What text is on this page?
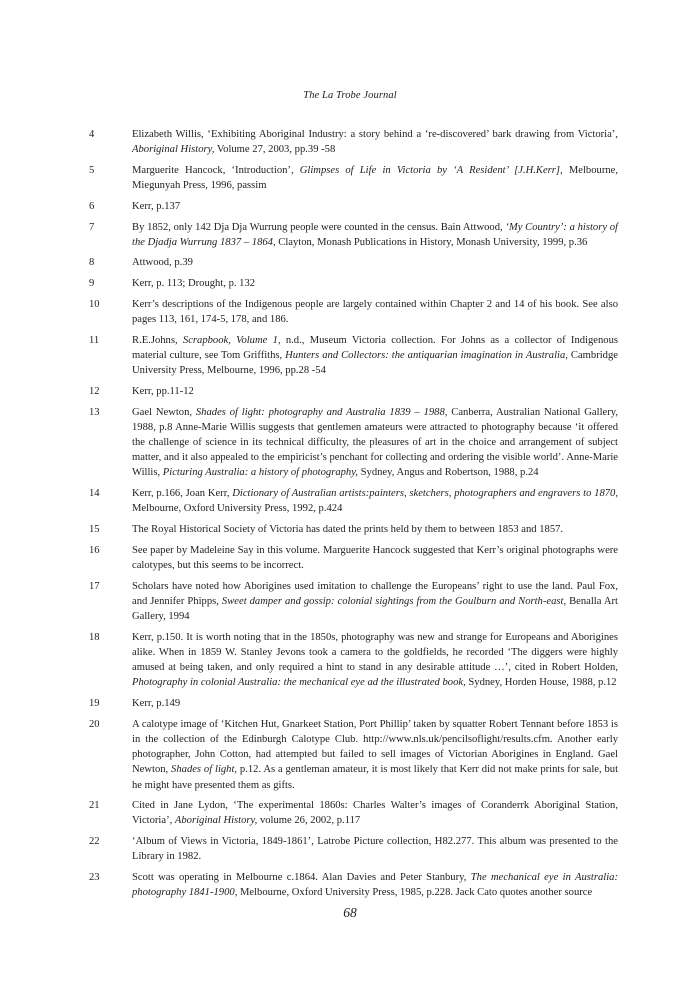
The La Trobe Journal
4	Elizabeth Willis, ‘Exhibiting Aboriginal Industry: a story behind a ‘re-discovered’ bark drawing from Victoria’, Aboriginal History, Volume 27, 2003, pp.39 -58
5	Marguerite Hancock, ‘Introduction’, Glimpses of Life in Victoria by ‘A Resident’ [J.H.Kerr], Melbourne, Miegunyah Press, 1996, passim
6	Kerr, p.137
7	By 1852, only 142 Dja Dja Wurrung people were counted in the census. Bain Attwood, ‘My Country’: a history of the Djadja Wurrung 1837 – 1864, Clayton, Monash Publications in History, Monash University, 1999, p.36
8	Attwood, p.39
9	Kerr, p. 113; Drought, p. 132
10	Kerr’s descriptions of the Indigenous people are largely contained within Chapter 2 and 14 of his book. See also pages 113, 161, 174-5, 178, and 186.
11	R.E.Johns, Scrapbook, Volume 1, n.d., Museum Victoria collection. For Johns as a collector of Indigenous material culture, see Tom Griffiths, Hunters and Collectors: the antiquarian imagination in Australia, Cambridge University Press, Melbourne, 1996, pp.28 -54
12	Kerr, pp.11-12
13	Gael Newton, Shades of light: photography and Australia 1839 – 1988, Canberra, Australian National Gallery, 1988, p.8 Anne-Marie Willis suggests that gentlemen amateurs were attracted to photography because ‘it offered the challenge of science in its technical difficulty, the pleasures of art in the choice and arrangement of subject matter, and it also appealed to the empiricist’s penchant for collecting and ordering the visible world’. Anne-Marie Willis, Picturing Australia: a history of photography, Sydney, Angus and Robertson, 1988, p.24
14	Kerr, p.166, Joan Kerr, Dictionary of Australian artists:painters, sketchers, photographers and engravers to 1870, Melbourne, Oxford University Press, 1992, p.424
15	The Royal Historical Society of Victoria has dated the prints held by them to between 1853 and 1857.
16	See paper by Madeleine Say in this volume. Marguerite Hancock suggested that Kerr’s original photographs were calotypes, but this seems to be incorrect.
17	Scholars have noted how Aborigines used imitation to challenge the Europeans’ right to use the land. Paul Fox, and Jennifer Phipps, Sweet damper and gossip: colonial sightings from the Goulburn and North-east, Benalla Art Gallery, 1994
18	Kerr, p.150. It is worth noting that in the 1850s, photography was new and strange for Europeans and Aborigines alike. When in 1859 W. Stanley Jevons took a camera to the goldfields, he recorded ‘The diggers were highly amused at being taken, and only required a hint to stand in any desirable attitude …’, cited in Robert Holden, Photography in colonial Australia: the mechanical eye ad the illustrated book, Sydney, Horden House, 1988, p.12
19	Kerr, p.149
20	A calotype image of ‘Kitchen Hut, Gnarkeet Station, Port Phillip’ taken by squatter Robert Tennant before 1853 is in the collection of the Edinburgh Calotype Club. http://www.nls.uk/pencilsoflight/results.cfm. Another early photographer, John Cotton, had attempted but failed to sell images of Victorian Aborigines in England. Gael Newton, Shades of light, p.12. As a gentleman amateur, it is most likely that Kerr did not make prints for sale, but he might have presented them as gifts.
21	Cited in Jane Lydon, ‘The experimental 1860s: Charles Walter’s images of Coranderrk Aboriginal Station, Victoria’, Aboriginal History, volume 26, 2002, p.117
22	‘Album of Views in Victoria, 1849-1861’, Latrobe Picture collection, H82.277. This album was presented to the Library in 1982.
23	Scott was operating in Melbourne c.1864. Alan Davies and Peter Stanbury, The mechanical eye in Australia: photography 1841-1900, Melbourne, Oxford University Press, 1985, p.228. Jack Cato quotes another source
68
